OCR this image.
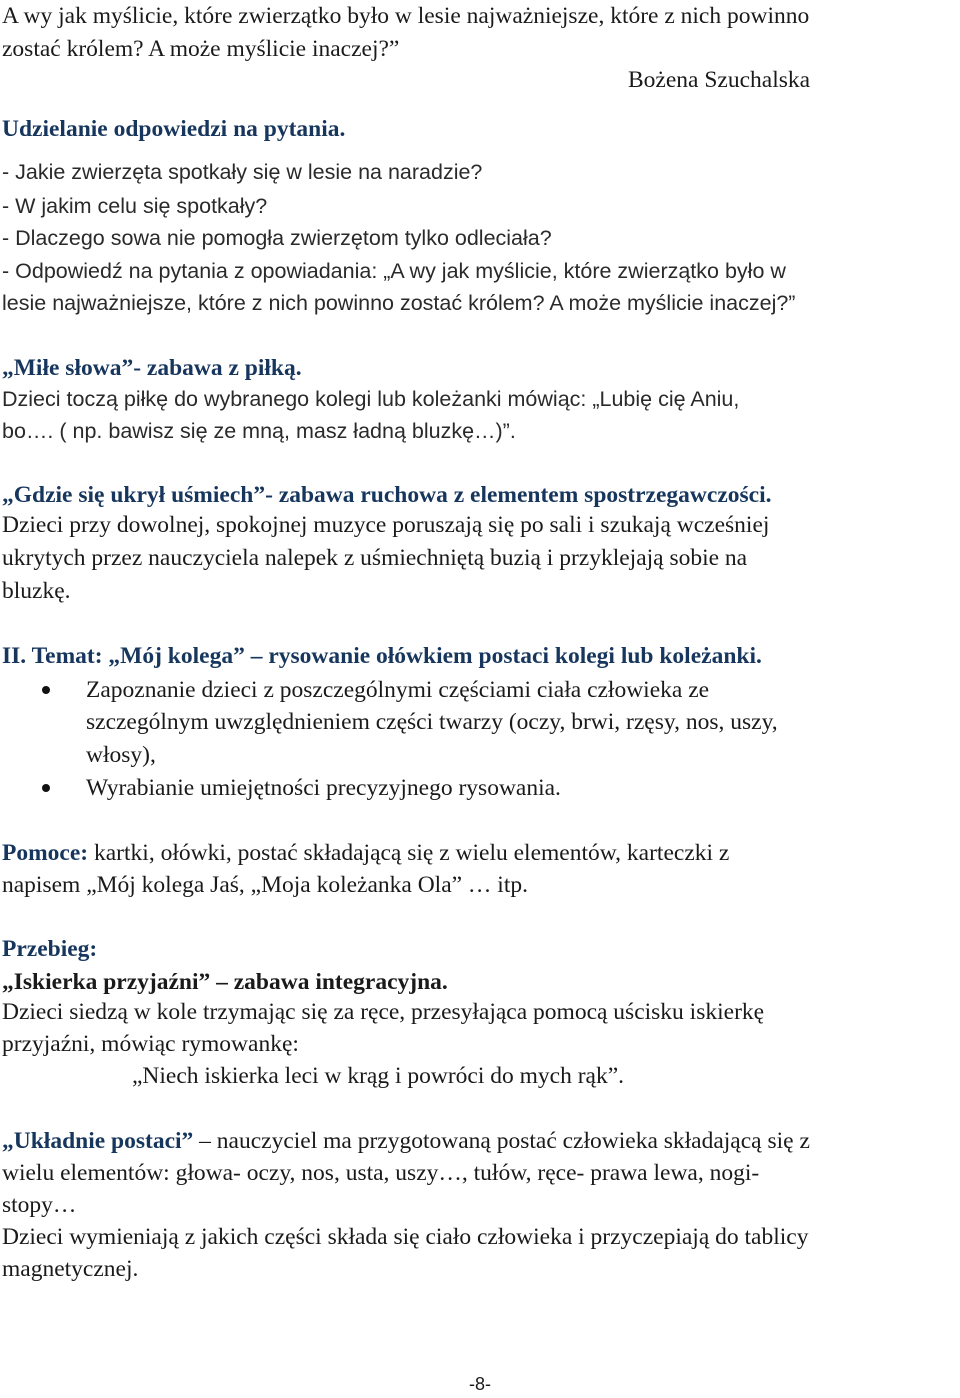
A wy jak myślicie, które zwierzątko było w lesie najważniejsze, które z nich powinno
zostać królem? A może myślicie inaczej?”
Bożena Szuchalska
Udzielanie odpowiedzi na pytania.
- Jakie zwierzęta spotkały się w lesie na naradzie?
- W jakim celu się spotkały?
- Dlaczego sowa nie pomogła zwierzętom tylko odleciała?
- Odpowiedź na pytania z opowiadania: „A wy jak myślicie, które zwierzątko było w
lesie najważniejsze, które z nich powinno zostać królem? A może myślicie inaczej?”
„Miłe słowa”- zabawa z piłką.
Dzieci toczą piłkę do wybranego kolegi lub koleżanki mówiąc: „Lubię cię Aniu,
bo…. ( np. bawisz się ze mną, masz ładną bluzkę…)”.
„Gdzie się ukrył uśmiech”- zabawa ruchowa z elementem spostrzegawczości.
Dzieci przy dowolnej, spokojnej muzyce poruszają się po sali i szukają wcześniej
ukrytych przez nauczyciela nalepek z uśmiechniętą buzią i przyklejają sobie na
bluzkę.
II. Temat: „Mój kolega” – rysowanie ołówkiem postaci kolegi lub koleżanki.
Zapoznanie dzieci z poszczególnymi częściami ciała człowieka ze
szczególnym uwzględnieniem części twarzy (oczy, brwi, rzęsy, nos, uszy,
włosy),
Wyrabianie umiejętności precyzyjnego rysowania.
Pomoce: kartki, ołówki, postać składającą się z wielu elementów, karteczki z
napisem „Mój kolega Jaś, „Moja koleżanka Ola” … itp.
Przebieg:
„Iskierka przyjaźni” – zabawa integracyjna.
Dzieci siedzą w kole trzymając się za ręce, przesyłająca pomocą uścisku iskierkę
przyjaźni, mówiąc rymowankę:
„Niech iskierka leci w krąg i powróci do mych rąk”.
„Układnie postaci” – nauczyciel ma przygotowaną postać człowieka składającą się z
wielu elementów: głowa- oczy, nos, usta, uszy…, tułów, ręce- prawa lewa, nogi-
stopy…
Dzieci wymieniają z jakich części składa się ciało człowieka i przyczepiają do tablicy
magnetycznej.
-8-
